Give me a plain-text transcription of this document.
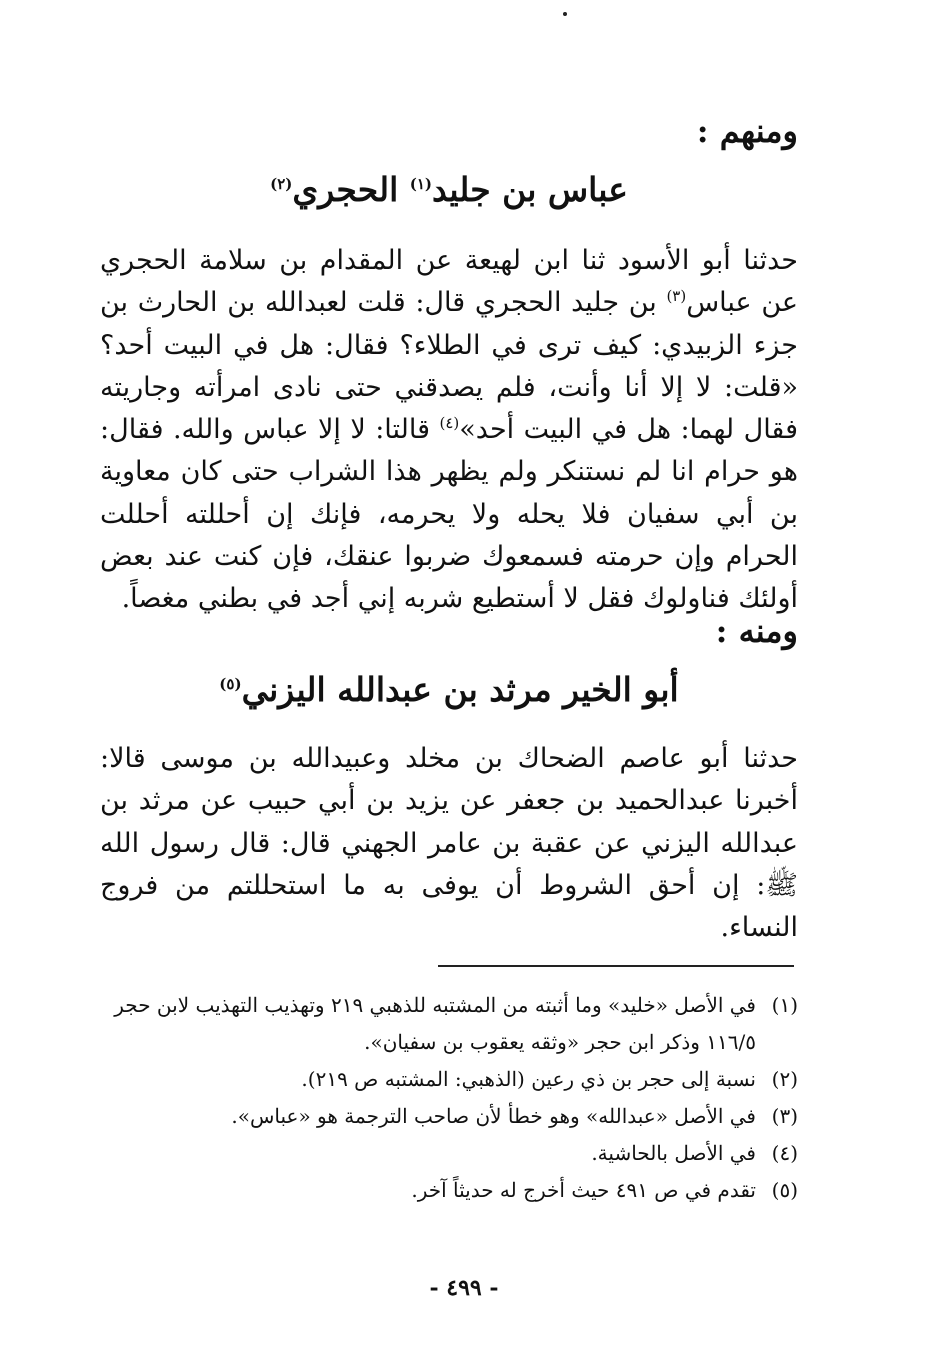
ومنهم :
عباس بن جليد$^{(١)}$ الحجري$^{(٢)}$
حدثنا أبو الأسود ثنا ابن لهيعة عن المقدام بن سلامة الحجري عن عباس$^{(٣)}$ بن جليد الحجري قال: قلت لعبدالله بن الحارث بن جزء الزبيدي: كيف ترى في الطلاء؟ فقال: هل في البيت أحد؟ «قلت: لا إلا أنا وأنت، فلم يصدقني حتى نادى امرأته وجاريته فقال لهما: هل في البيت أحد»$^{(٤)}$ قالتا: لا إلا عباس والله. فقال: هو حرام انا لم نستنكر ولم يظهر هذا الشراب حتى كان معاوية بن أبي سفيان فلا يحله ولا يحرمه، فإنك إن أحللته أحللت الحرام وإن حرمته فسمعوك ضربوا عنقك، فإن كنت عند بعض أولئك فناولوك فقل لا أستطيع شربه إني أجد في بطني مغصاً.
ومنه :
أبو الخير مرثد بن عبدالله اليزني$^{(٥)}$
حدثنا أبو عاصم الضحاك بن مخلد وعبيدالله بن موسى قالا: أخبرنا عبدالحميد بن جعفر عن يزيد بن أبي حبيب عن مرثد بن عبدالله اليزني عن عقبة بن عامر الجهني قال: قال رسول الله ﷺ: إن أحق الشروط أن يوفى به ما استحللتم من فروج النساء.
(١)
في الأصل «خليد» وما أثبته من المشتبه للذهبي ٢١٩ وتهذيب التهذيب لابن حجر ١١٦/٥ وذكر ابن حجر «وثقه يعقوب بن سفيان».
(٢)
نسبة إلى حجر بن ذي رعين (الذهبي: المشتبه ص ٢١٩).
(٣)
في الأصل «عبدالله» وهو خطأ لأن صاحب الترجمة هو «عباس».
(٤)
في الأصل بالحاشية.
(٥)
تقدم في ص ٤٩١ حيث أخرج له حديثاً آخر.
- ٤٩٩ -
